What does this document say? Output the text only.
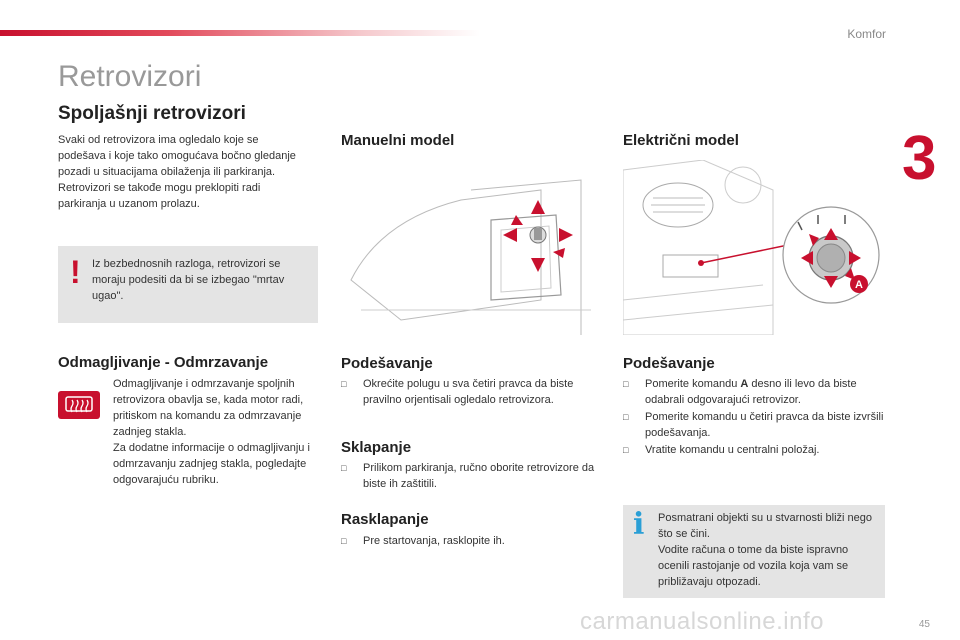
Komfor
3
Retrovizori
Spoljašnji retrovizori

Svaki od retrovizora ima ogledalo koje se podešava i koje tako omogućava bočno gledanje pozadi u situacijama obilaženja ili parkiranja. Retrovizori se takođe mogu preklopiti radi parkiranja u uzanom prolazu.

! Iz bezbednosnih razloga, retrovizori se moraju podesiti da bi se izbegao "mrtav ugao".

Odmagljivanje - Odmrzavanje

Odmagljivanje i odmrzavanje spoljnih retrovizora obavlja se, kada motor radi, pritiskom na komandu za odmrzavanje zadnjeg stakla.

Za dodatne informacije o odmagljivanju i odmrzavanju zadnjeg stakla, pogledajte odgovarajuću rubriku.

Manuelni model
Podešavanje
□ Okrećite polugu u sva četiri pravca da biste pravilno orjentisali ogledalo retrovizora.
Sklapanje
□ Prilikom parkiranja, ručno oborite retrovizore da biste ih zaštitili.
Rasklapanje
□ Pre startovanja, rasklopite ih.
Električni model
A
Podešavanje
□ Pomerite komandu A desno ili levo da biste odabrali odgovarajući retrovizor.
□ Pomerite komandu u četiri pravca da biste izvršili podešavanja.
□ Vratite komandu u centralni položaj.
i Posmatrani objekti su u stvarnosti bliži nego što se čini.

Vodite računa o tome da biste ispravno ocenili rastojanje od vozila koja vam se približavaju otpozadi.

45
carmanualsonline.info
